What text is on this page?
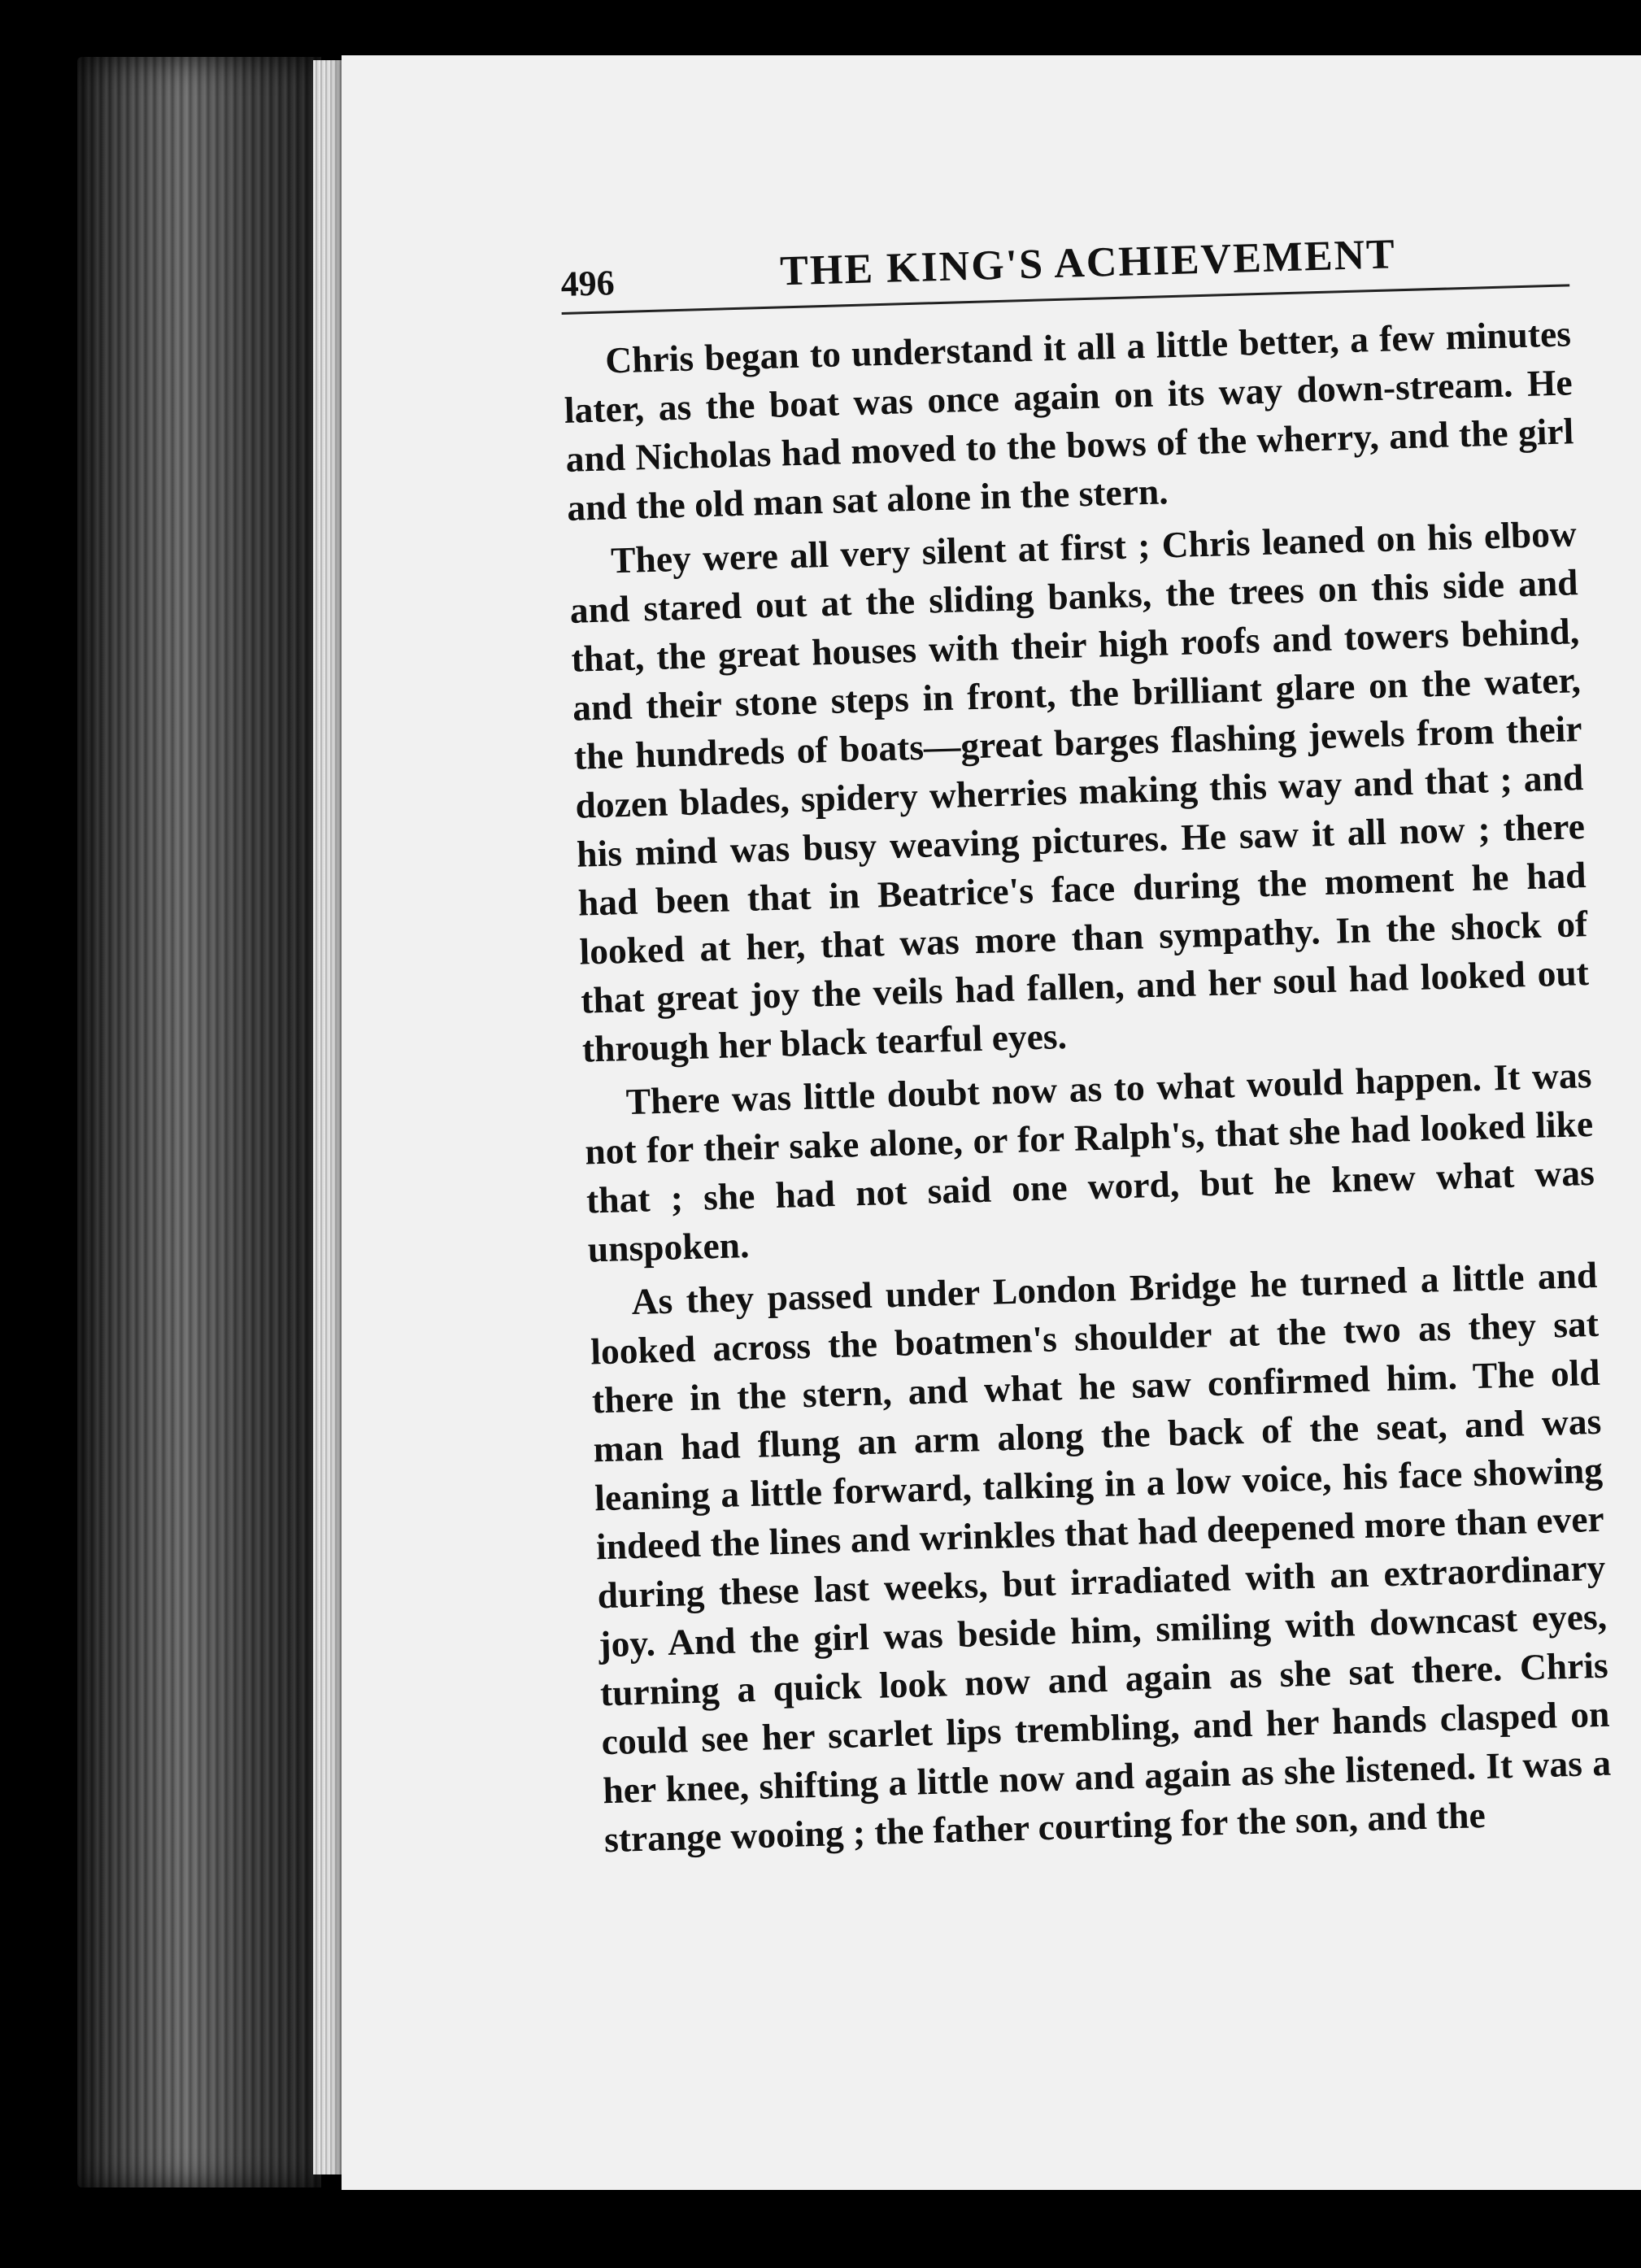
496	THE KING'S ACHIEVEMENT

Chris began to understand it all a little better, a few minutes later, as the boat was once again on its way down-stream. He and Nicholas had moved to the bows of the wherry, and the girl and the old man sat alone in the stern.

They were all very silent at first ; Chris leaned on his elbow and stared out at the sliding banks, the trees on this side and that, the great houses with their high roofs and towers behind, and their stone steps in front, the brilliant glare on the water, the hundreds of boats—great barges flashing jewels from their dozen blades, spidery wherries making this way and that ; and his mind was busy weaving pictures. He saw it all now ; there had been that in Beatrice's face during the moment he had looked at her, that was more than sympathy. In the shock of that great joy the veils had fallen, and her soul had looked out through her black tearful eyes.

There was little doubt now as to what would happen. It was not for their sake alone, or for Ralph's, that she had looked like that ; she had not said one word, but he knew what was unspoken.

As they passed under London Bridge he turned a little and looked across the boatmen's shoulder at the two as they sat there in the stern, and what he saw confirmed him. The old man had flung an arm along the back of the seat, and was leaning a little forward, talking in a low voice, his face showing indeed the lines and wrinkles that had deepened more than ever during these last weeks, but irradiated with an extraordinary joy. And the girl was beside him, smiling with downcast eyes, turning a quick look now and again as she sat there. Chris could see her scarlet lips trembling, and her hands clasped on her knee, shifting a little now and again as she listened. It was a strange wooing ; the father courting for the son, and the
